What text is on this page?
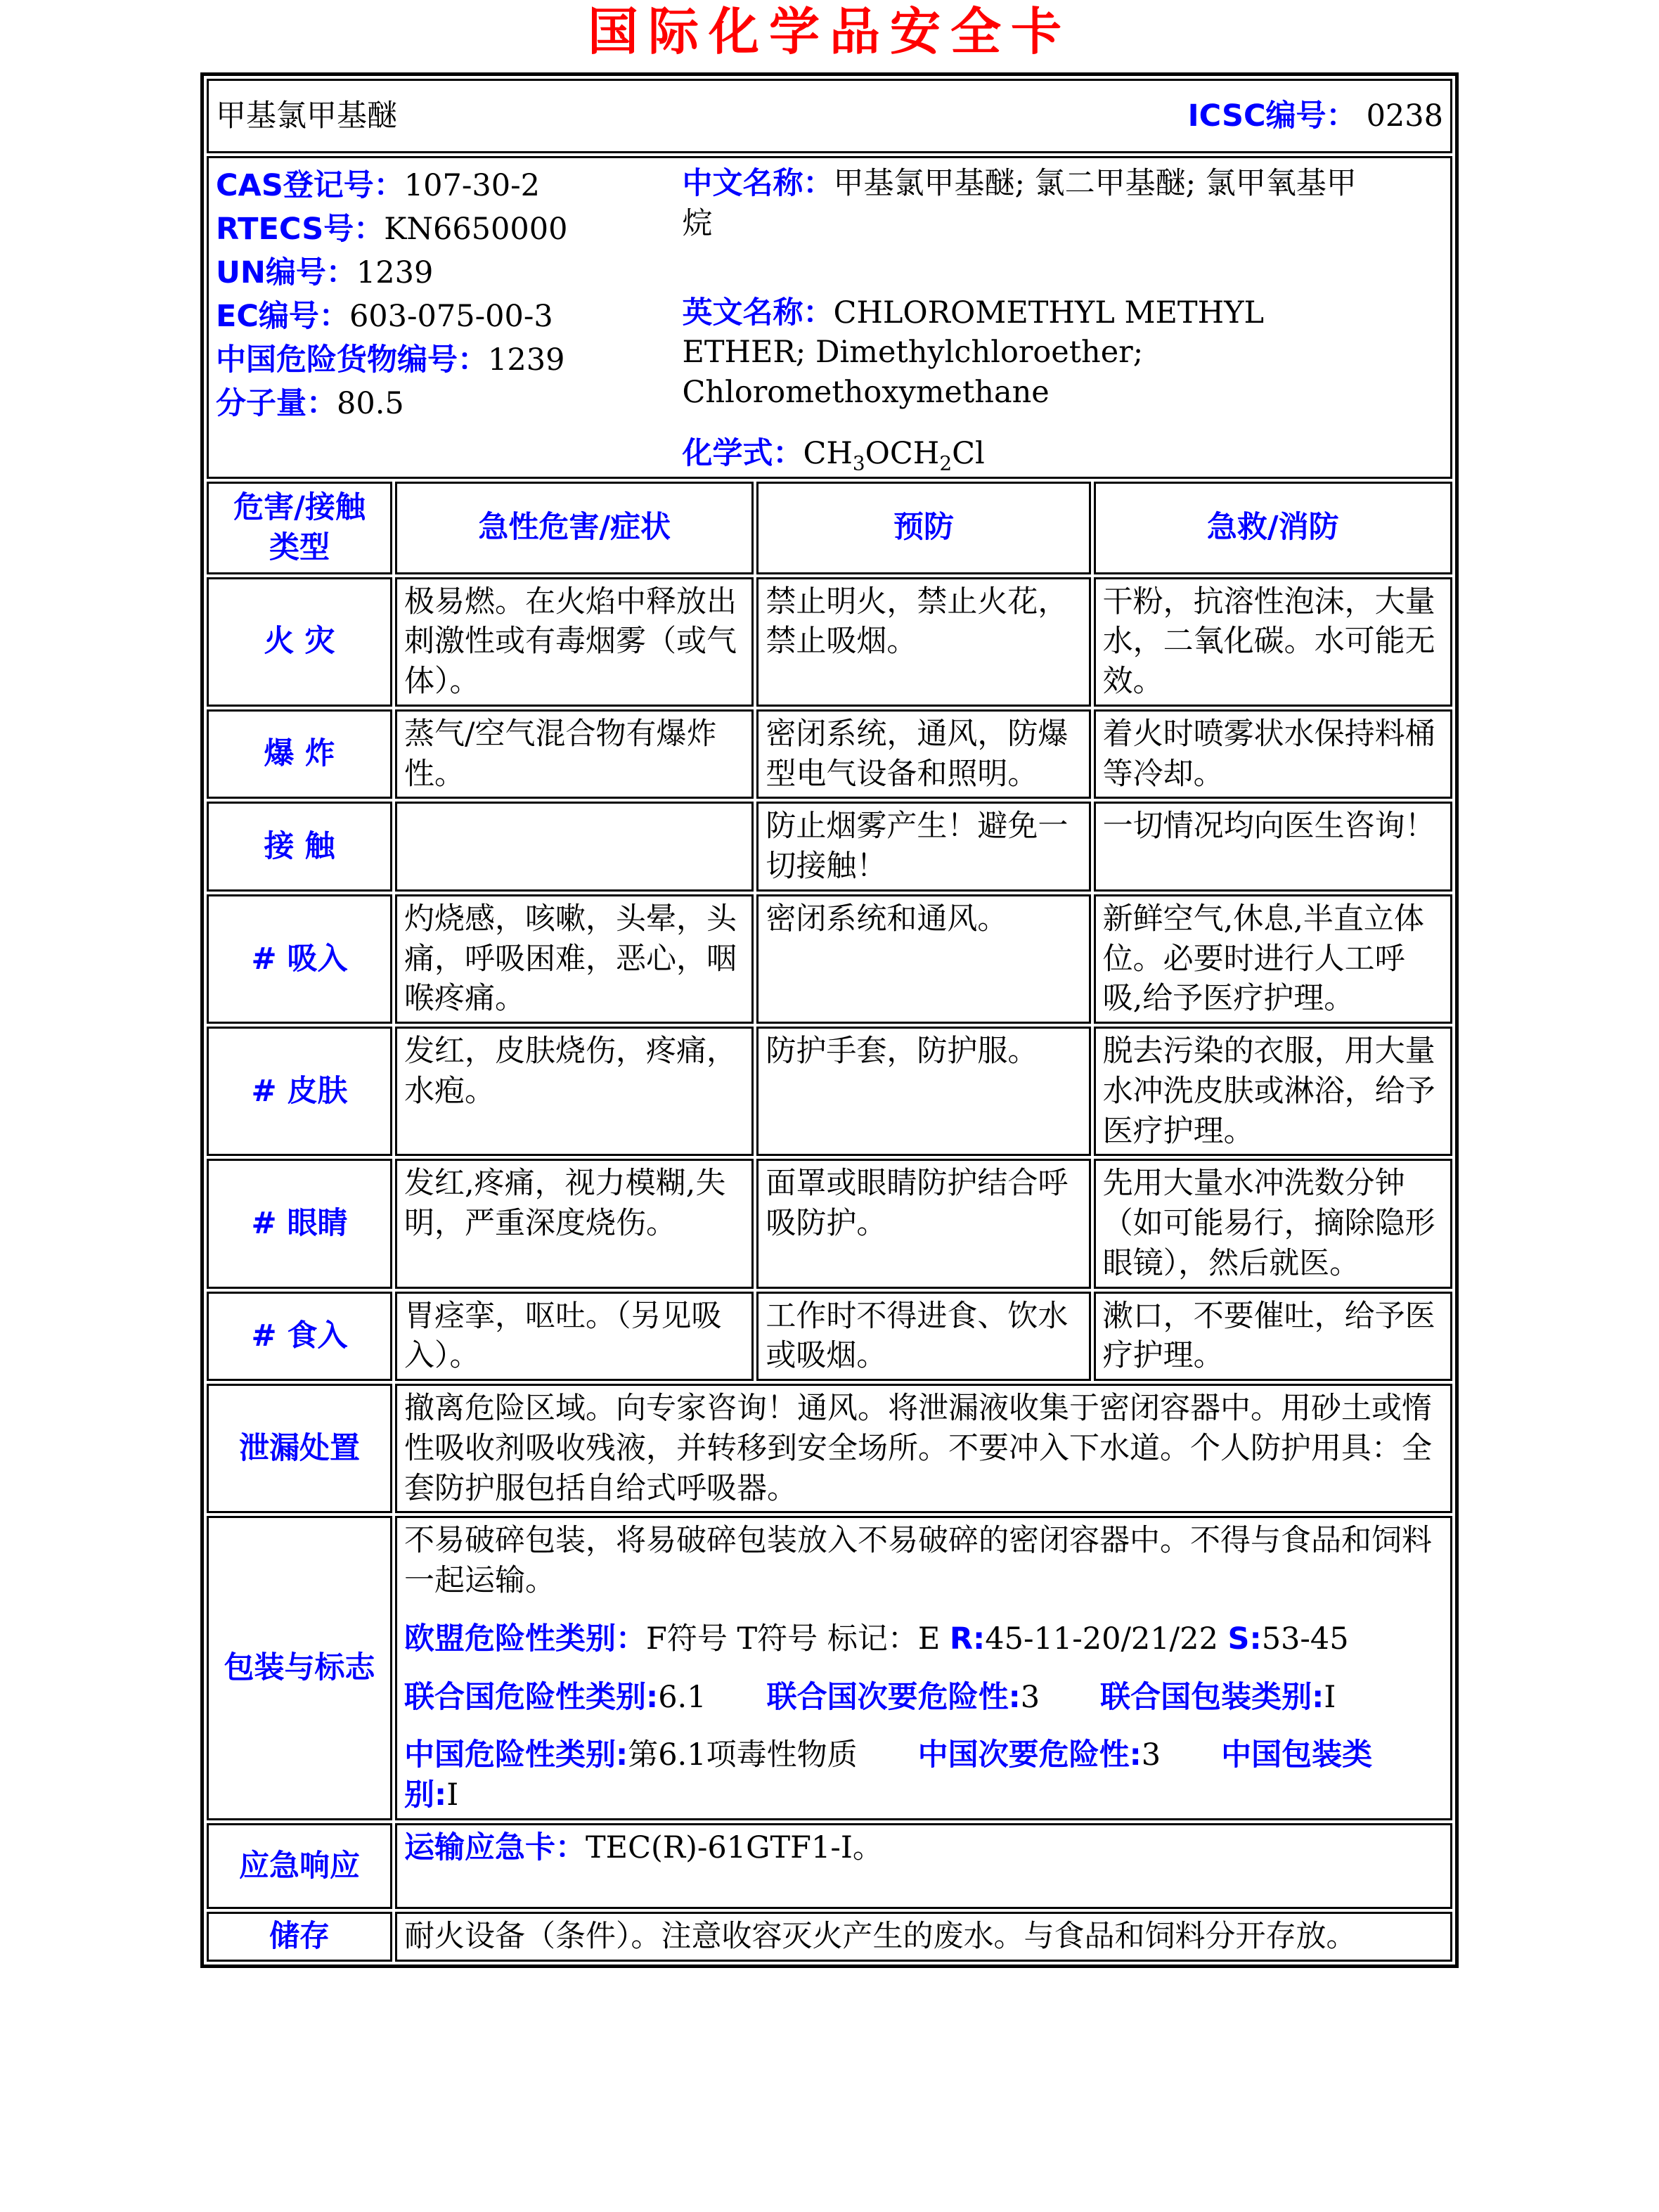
国际化学品安全卡
甲基氯甲基醚 ICSC编号： 0238			

CAS登记号：107-30-2
RTECS号：KN6650000
UN编号：1239
EC编号：603-075-00-3
中国危险货物编号：1239
分子量：80.5

中文名称：甲基氯甲基醚; 氯二甲基醚; 氯甲氧基甲烷

英文名称：CHLOROMETHYL METHYL ETHER; Dimethylchloroether; Chloromethoxymethane

化学式：$CH_3OCH_2Cl$

危害/接触
类型	急性危害/症状	预防	急救/消防
火 灾	极易燃。在火焰中释放出刺激性或有毒烟雾（或气体）。	禁止明火，禁止火花，禁止吸烟。	干粉，抗溶性泡沫，大量水，二氧化碳。水可能无效。
爆 炸	蒸气/空气混合物有爆炸性。	密闭系统，通风，防爆型电气设备和照明。	着火时喷雾状水保持料桶等冷却。
接 触		防止烟雾产生！避免一切接触！	一切情况均向医生咨询！
# 吸入	灼烧感，咳嗽，头晕，头痛，呼吸困难，恶心，咽喉疼痛。	密闭系统和通风。	新鲜空气,休息,半直立体位。必要时进行人工呼吸,给予医疗护理。
# 皮肤	发红，皮肤烧伤，疼痛，水疱。	防护手套，防护服。	脱去污染的衣服，用大量水冲洗皮肤或淋浴，给予医疗护理。
# 眼睛	发红,疼痛，视力模糊,失明，严重深度烧伤。	面罩或眼睛防护结合呼吸防护。	先用大量水冲洗数分钟（如可能易行，摘除隐形眼镜），然后就医。
# 食入	胃痉挛，呕吐。（另见吸入）。	工作时不得进食、饮水或吸烟。	漱口，不要催吐，给予医疗护理。
泄漏处置	撤离危险区域。向专家咨询！通风。将泄漏液收集于密闭容器中。用砂土或惰性吸收剂吸收残液，并转移到安全场所。不要冲入下水道。个人防护用具：全套防护服包括自给式呼吸器。		
包装与标志	不易破碎包装，将易破碎包装放入不易破碎的密闭容器中。不得与食品和饲料一起运输。
欧盟危险性类别：F符号 T符号 标记：E R:45-11-20/21/22 S:53-45
联合国危险性类别:6.1　　联合国次要危险性:3　　联合国包装类别:I
中国危险性类别:第6.1项毒性物质　　中国次要危险性:3　　中国包装类
别:I		

应急响应	运输应急卡：TEC(R)-61GTF1-I。		
储存	耐火设备（条件）。注意收容灭火产生的废水。与食品和饲料分开存放。		
